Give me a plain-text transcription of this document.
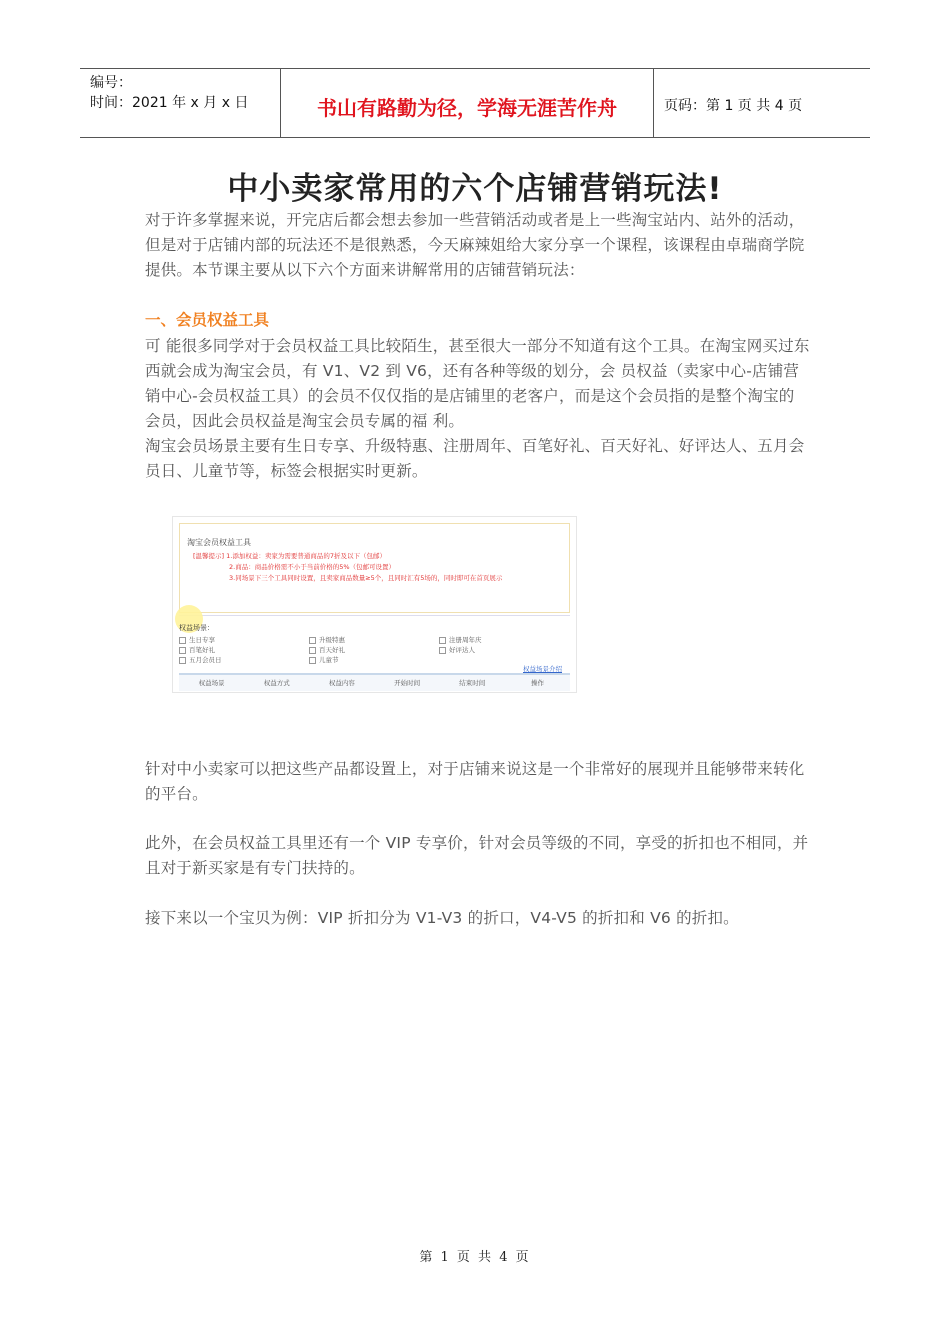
编号：
时间：2021 年 x 月 x 日	书山有路勤为径，学海无涯苦作舟	页码：第 1 页 共 4 页
中小卖家常用的六个店铺营销玩法!

对于许多掌握来说，开完店后都会想去参加一些营销活动或者是上一些淘宝站内、站外的活动，但是对于店铺内部的玩法还不是很熟悉，今天麻辣姐给大家分享一个课程，该课程由卓瑞商学院提供。本节课主要从以下六个方面来讲解常用的店铺营销玩法：

一、会员权益工具

可 能很多同学对于会员权益工具比较陌生，甚至很大一部分不知道有这个工具。在淘宝网买过东西就会成为淘宝会员，有 V1、V2 到 V6，还有各种等级的划分，会 员权益（卖家中心-店铺营销中心-会员权益工具）的会员不仅仅指的是店铺里的老客户，而是这个会员指的是整个淘宝的会员，因此会员权益是淘宝会员专属的福 利。

淘宝会员场景主要有生日专享、升级特惠、注册周年、百笔好礼、百天好礼、好评达人、五月会员日、儿童节等，标签会根据实时更新。

淘宝会员权益工具
[温馨提示] 1.添加权益：卖家为需要普通商品的7折及以下（包邮）
2.商品：商品价格需不小于当前价格的5%（包邮可设置）
3.同场景下三个工具同时设置，且卖家商品数量≥5个，且同时汇有5场的，同时即可在首页展示
权益场景：
生日专享	升级特惠	注册周年庆
百笔好礼	百天好礼	好评达人
五月会员日	儿童节
权益场景介绍
权益场景	权益方式	权益内容	开始时间	结束时间	操作

针对中小卖家可以把这些产品都设置上，对于店铺来说这是一个非常好的展现并且能够带来转化的平台。

此外，在会员权益工具里还有一个 VIP 专享价，针对会员等级的不同，享受的折扣也不相同，并且对于新买家是有专门扶持的。

接下来以一个宝贝为例：VIP 折扣分为 V1-V3 的折口，V4-V5 的折扣和 V6 的折扣。

第 1 页 共 4 页
